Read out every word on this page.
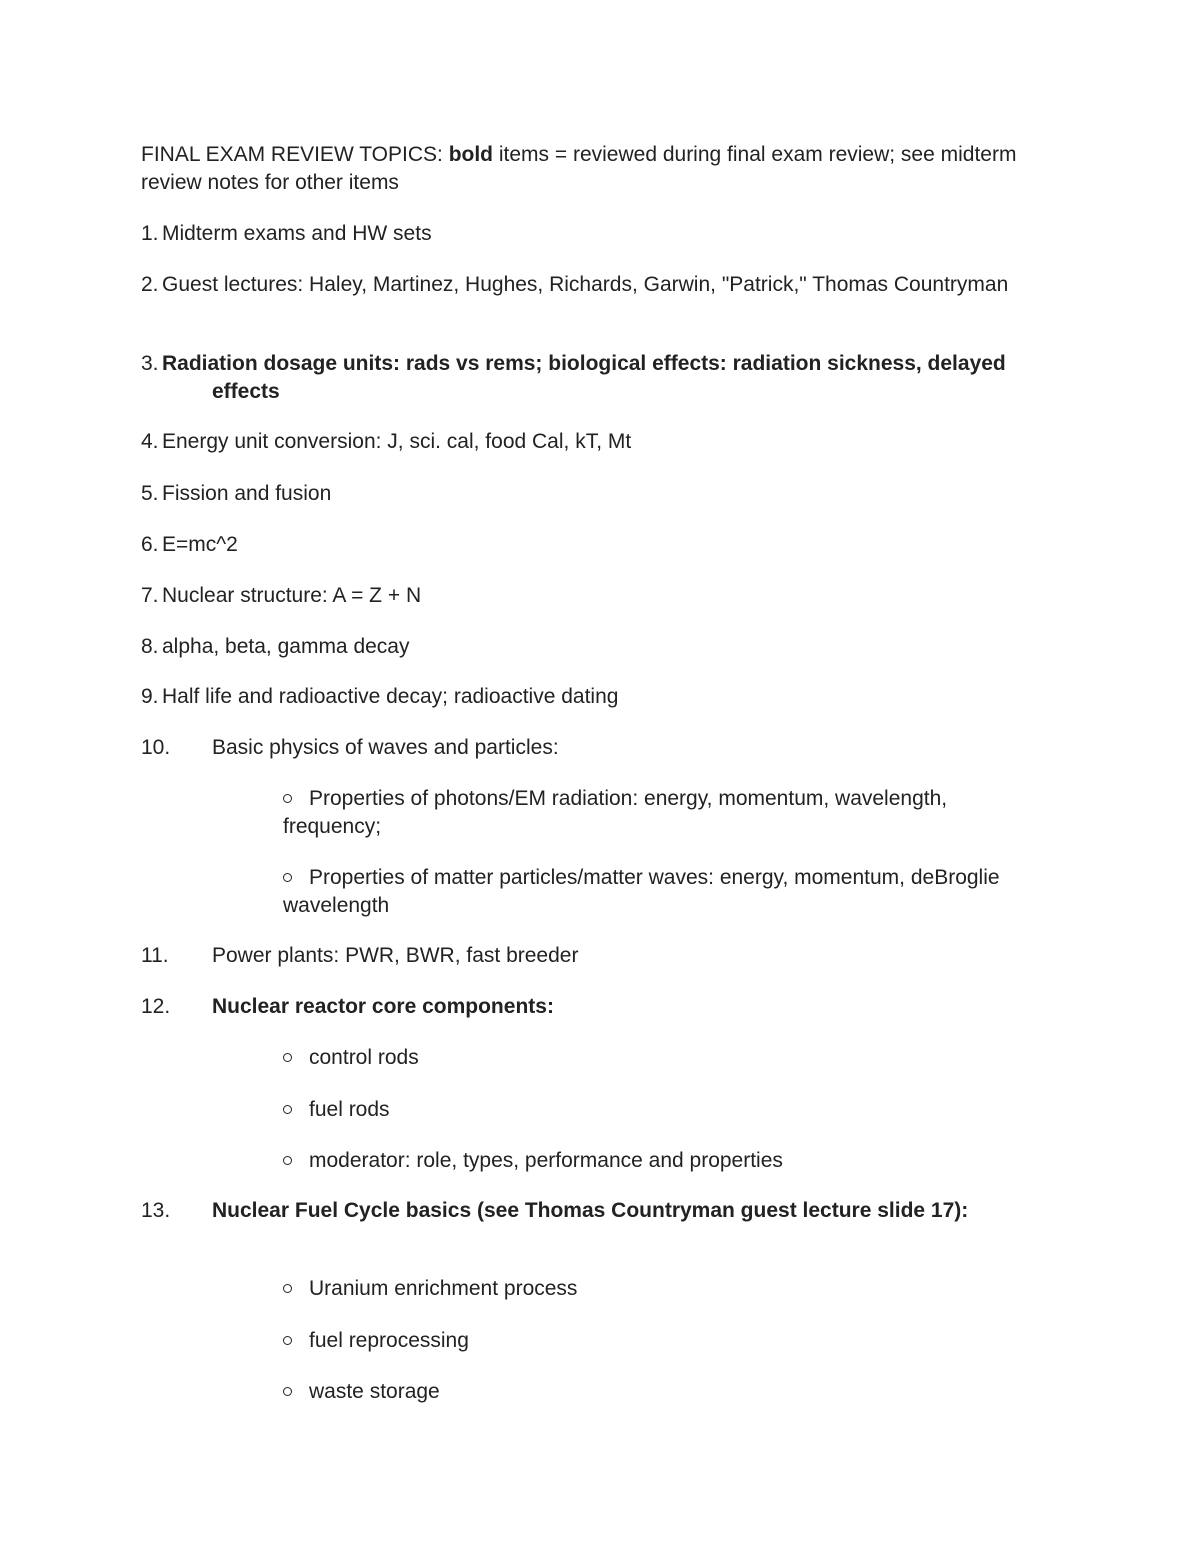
FINAL EXAM REVIEW TOPICS: bold items = reviewed during final exam review; see midterm review notes for other items
1. Midterm exams and HW sets
2. Guest lectures: Haley, Martinez, Hughes, Richards, Garwin, "Patrick," Thomas Countryman
3. Radiation dosage units: rads vs rems; biological effects: radiation sickness, delayed effects
4. Energy unit conversion: J, sci. cal, food Cal, kT, Mt
5. Fission and fusion
6. E=mc^2
7. Nuclear structure: A = Z + N
8. alpha, beta, gamma decay
9. Half life and radioactive decay; radioactive dating
10. Basic physics of waves and particles:
Properties of photons/EM radiation: energy, momentum, wavelength, frequency;
Properties of matter particles/matter waves: energy, momentum, deBroglie wavelength
11. Power plants: PWR, BWR, fast breeder
12. Nuclear reactor core components:
control rods
fuel rods
moderator: role, types, performance and properties
13. Nuclear Fuel Cycle basics (see Thomas Countryman guest lecture slide 17):
Uranium enrichment process
fuel reprocessing
waste storage
